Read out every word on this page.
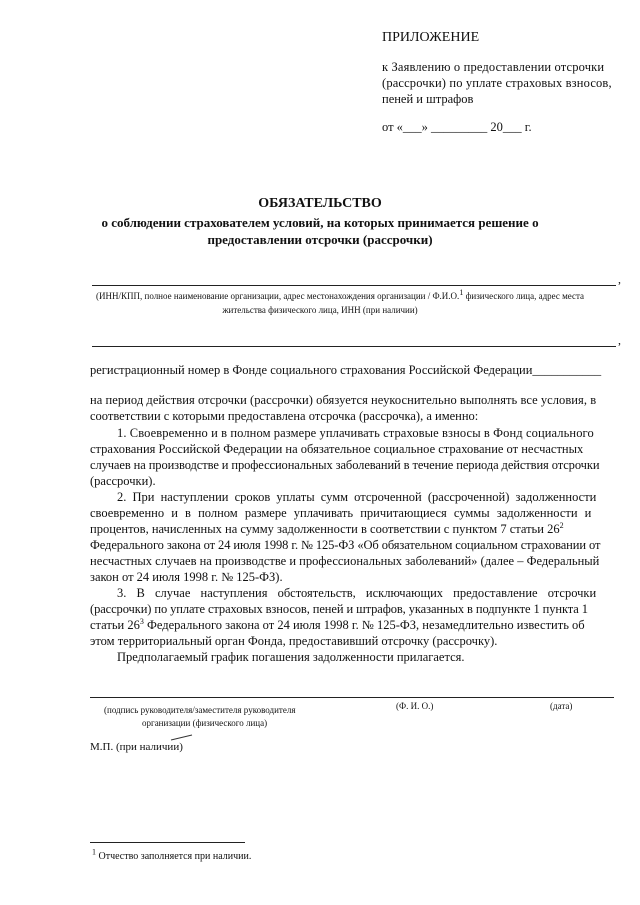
ПРИЛОЖЕНИЕ
к Заявлению о предоставлении отсрочки
(рассрочки) по уплате страховых взносов,
пеней и штрафов
от «___» _________ 20___ г.
ОБЯЗАТЕЛЬСТВО
о соблюдении страхователем условий, на которых принимается решение о
предоставлении отсрочки (рассрочки)
,
(ИНН/КПП, полное наименование организации, адрес местонахождения организации / Ф.И.О.1 физического лица, адрес места
жительства физического лица, ИНН (при наличии)
,
регистрационный номер в Фонде социального страхования Российской Федерации___________
на период действия отсрочки (рассрочки) обязуется неукоснительно выполнять все условия, в
соответствии с которыми предоставлена отсрочка (рассрочка), а именно:
1. Своевременно и в полном размере уплачивать страховые взносы в Фонд социального
страхования Российской Федерации на обязательное социальное страхование от несчастных
случаев на производстве и профессиональных заболеваний в течение периода действия отсрочки
(рассрочки).
2. При наступлении сроков уплаты сумм отсроченной (рассроченной) задолженности
своевременно и в полном размере уплачивать причитающиеся суммы задолженности и
процентов, начисленных на сумму задолженности в соответствии с пунктом 7 статьи $26^2$
Федерального закона от 24 июля 1998 г. № 125-ФЗ «Об обязательном социальном страховании от
несчастных случаев на производстве и профессиональных заболеваний» (далее – Федеральный
закон от 24 июля 1998 г. № 125-ФЗ).
3. В случае наступления обстоятельств, исключающих предоставление отсрочки
(рассрочки) по уплате страховых взносов, пеней и штрафов, указанных в подпункте 1 пункта 1
статьи $26^3$ Федерального закона от 24 июля 1998 г. № 125-ФЗ, незамедлительно известить об
этом территориальный орган Фонда, предоставивший отсрочку (рассрочку).
Предполагаемый график погашения задолженности прилагается.
(подпись руководителя/заместителя руководителя
организации (физического лица)
(Ф. И. О.)	(дата)
М.П. (при наличии)
$^1$ Отчество заполняется при наличии.
